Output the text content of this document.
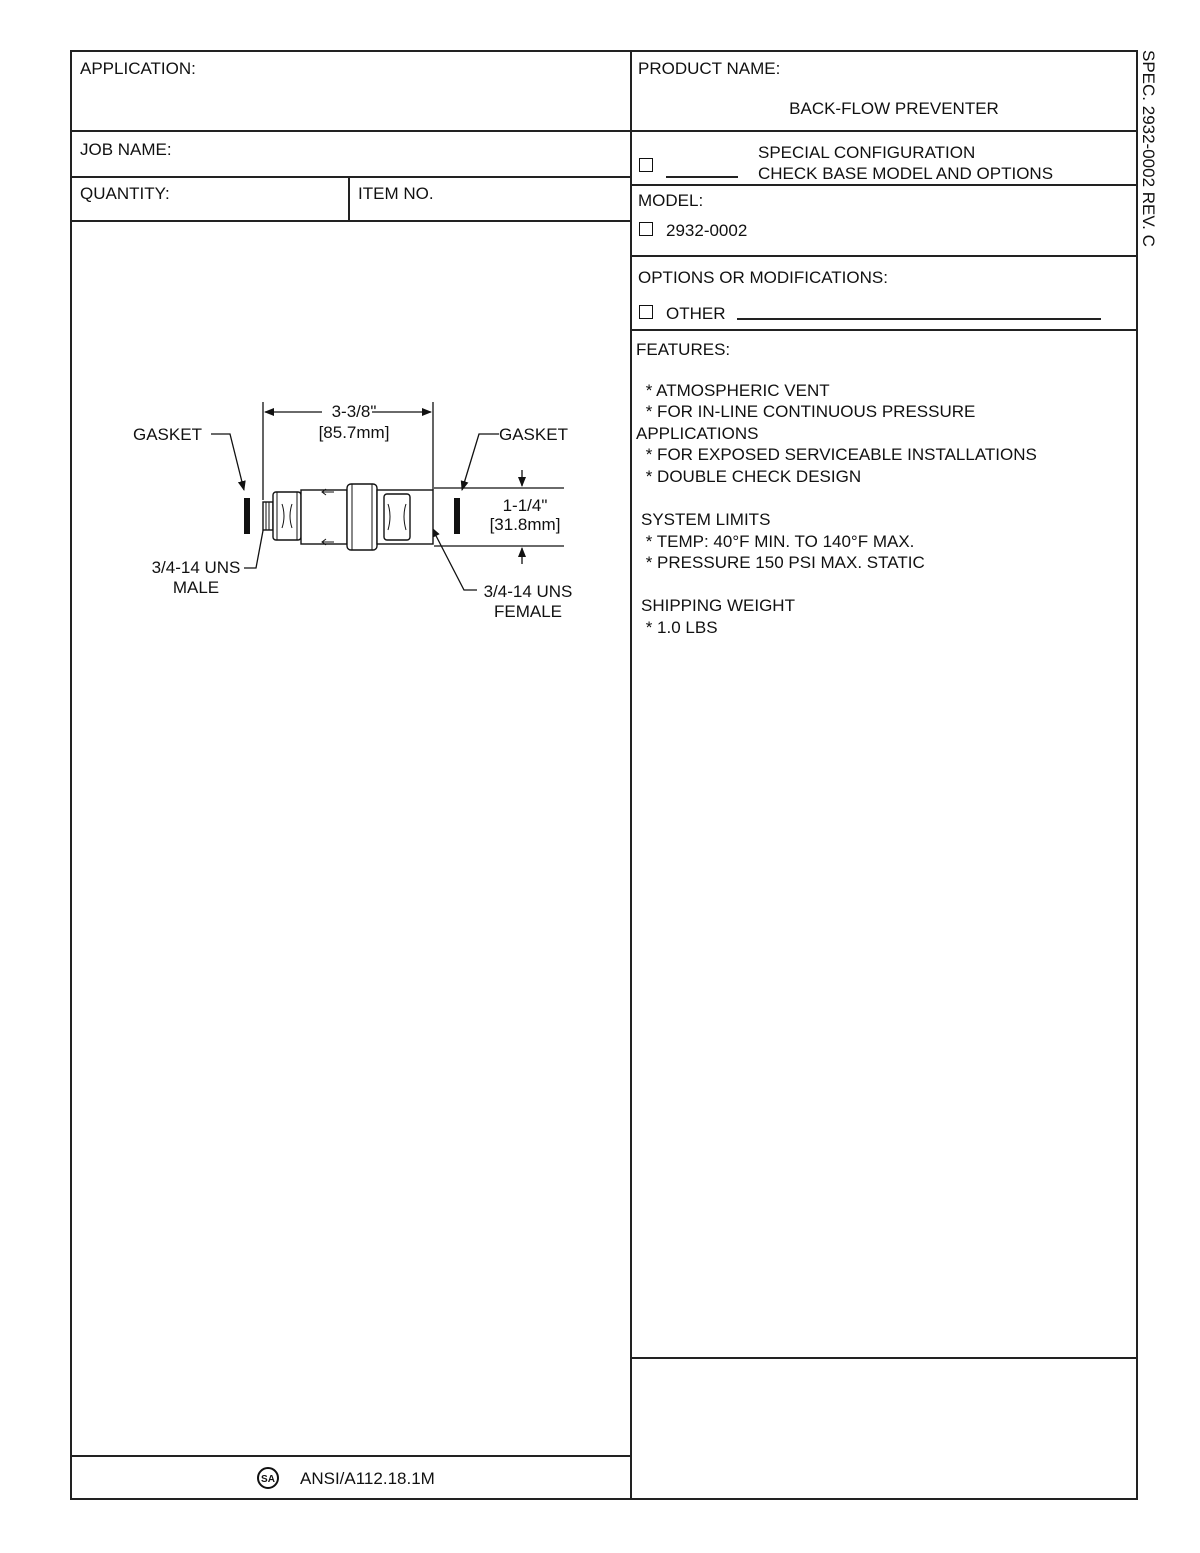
APPLICATION:
JOB NAME:
QUANTITY:	ITEM NO.
PRODUCT NAME:
BACK-FLOW PREVENTER
SPECIAL CONFIGURATION
CHECK BASE MODEL AND OPTIONS
MODEL:
2932-0002
OPTIONS OR MODIFICATIONS:
OTHER
FEATURES:
* ATMOSPHERIC VENT
* FOR IN-LINE CONTINUOUS PRESSURE
APPLICATIONS
* FOR EXPOSED SERVICEABLE INSTALLATIONS
* DOUBLE CHECK DESIGN
SYSTEM LIMITS
* TEMP: 40°F MIN. TO 140°F MAX.
* PRESSURE 150 PSI MAX. STATIC
SHIPPING WEIGHT
* 1.0 LBS
SPEC. 2932-0002 REV. C
GASKET	GASKET
3-3/8"
[85.7mm]
1-1/4"
[31.8mm]
3/4-14 UNS
MALE	3/4-14 UNS
FEMALE
SA ANSI/A112.18.1M
